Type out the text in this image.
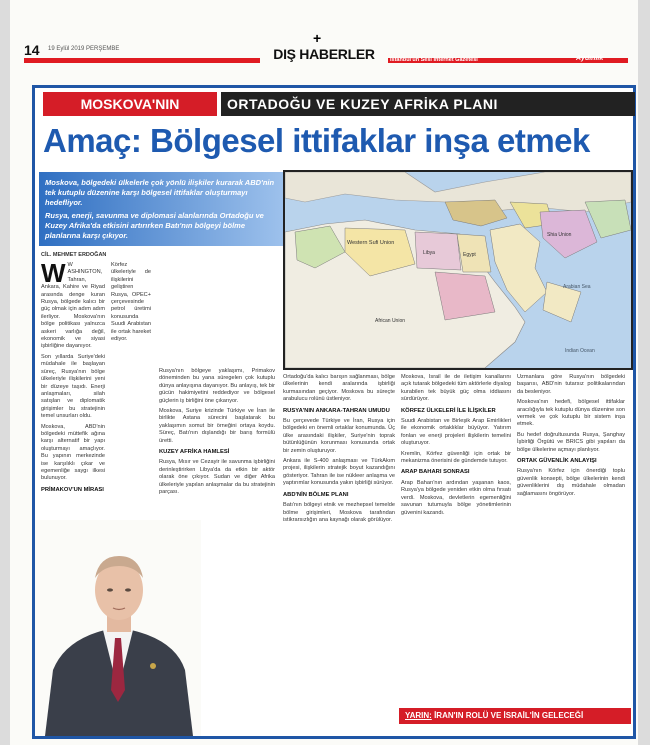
+
14 19 Eylül 2019 PERŞEMBE	DIŞ HABERLER	Istanbul'un Sesi İnternet Gazetesi	Aydınlık
MOSKOVA'NIN	ORTADOĞU VE KUZEY AFRİKA PLANI
Amaç: Bölgesel ittifaklar inşa etmek

Moskova, bölgedeki ülkelerle çok yönlü ilişkiler kurarak ABD'nin tek kutuplu düzenine karşı bölgesel ittifaklar oluşturmayı hedefliyor.

Rusya, enerji, savunma ve diplomasi alanlarında Ortadoğu ve Kuzey Afrika'da etkisini artırırken Batı'nın bölgeyi bölme planlarına karşı çıkıyor.

Western Sufi Union
Egypt
Libya
Shia Union
African Union
Arabian Sea
Indian Ocean
CİL. MEHMET ERDOĞAN

W W ASHINGTON, Tahran, Ankara, Kahire ve Riyad arasında denge kuran Rusya, bölgede kalıcı bir güç olmak için adım adım ilerliyor. Moskova'nın bölge politikası yalnızca askeri varlığa değil, ekonomik ve siyasi işbirliğine dayanıyor.

Son yıllarda Suriye'deki müdahale ile başlayan süreç, Rusya'nın bölge ülkeleriyle ilişkilerini yeni bir düzeye taşıdı. Enerji anlaşmaları, silah satışları ve diplomatik girişimler bu stratejinin temel unsurları oldu.

Moskova, ABD'nin bölgedeki müttefik ağına karşı alternatif bir yapı oluşturmayı amaçlıyor. Bu yapının merkezinde ise karşılıklı çıkar ve egemenliğe saygı ilkesi bulunuyor.

PRİMAKOV'UN MİRASI

Körfez ülkeleriyle de ilişkilerini geliştiren Rusya, OPEC+ çerçevesinde petrol üretimi konusunda Suudi Arabistan ile ortak hareket ediyor.

Rusya'nın bölgeye yaklaşımı, Primakov döneminden bu yana süregelen çok kutuplu dünya anlayışına dayanıyor. Bu anlayış, tek bir gücün hakimiyetini reddediyor ve bölgesel güçlerin iş birliğini öne çıkarıyor.

Moskova, Suriye krizinde Türkiye ve İran ile birlikte Astana sürecini başlatarak bu yaklaşımın somut bir örneğini ortaya koydu. Süreç, Batı'nın dışlandığı bir barış formülü üretti.

KUZEY AFRİKA HAMLESİ

Rusya, Mısır ve Cezayir ile savunma işbirliğini derinleştirirken Libya'da da etkin bir aktör olarak öne çıkıyor. Sudan ve diğer Afrika ülkeleriyle yapılan anlaşmalar da bu stratejinin parçası.

Ortadoğu'da kalıcı barışın sağlanması, bölge ülkelerinin kendi aralarında işbirliği kurmasından geçiyor. Moskova bu süreçte arabulucu rolünü üstleniyor.

RUSYA'NIN ANKARA-TAHRAN UMUDU

Bu çerçevede Türkiye ve İran, Rusya için bölgedeki en önemli ortaklar konumunda. Üç ülke arasındaki ilişkiler, Suriye'nin toprak bütünlüğünün korunması konusunda ortak bir zemin oluşturuyor.

Ankara ile S-400 anlaşması ve TürkAkım projesi, ilişkilerin stratejik boyut kazandığını gösteriyor. Tahran ile ise nükleer anlaşma ve yaptırımlar konusunda yakın işbirliği sürüyor.

ABD'NİN BÖLME PLANI

Batı'nın bölgeyi etnik ve mezhepsel temelde bölme girişimleri, Moskova tarafından istikrarsızlığın ana kaynağı olarak görülüyor.

Moskova, İsrail ile de iletişim kanallarını açık tutarak bölgedeki tüm aktörlerle diyalog kurabilen tek büyük güç olma iddiasını sürdürüyor.

KÖRFEZ ÜLKELERİ İLE İLİŞKİLER

Suudi Arabistan ve Birleşik Arap Emirlikleri ile ekonomik ortaklıklar büyüyor. Yatırım fonları ve enerji projeleri ilişkilerin temelini oluşturuyor.

Kremlin, Körfez güvenliği için ortak bir mekanizma önerisini de gündemde tutuyor.

ARAP BAHARI SONRASI

Arap Baharı'nın ardından yaşanan kaos, Rusya'ya bölgede yeniden etkin olma fırsatı verdi. Moskova, devletlerin egemenliğini savunan tutumuyla bölge yönetimlerinin güvenini kazandı.

Uzmanlara göre Rusya'nın bölgedeki başarısı, ABD'nin tutarsız politikalarından da besleniyor.

Moskova'nın hedefi, bölgesel ittifaklar aracılığıyla tek kutuplu dünya düzenine son vermek ve çok kutuplu bir sistem inşa etmek.

Bu hedef doğrultusunda Rusya, Şanghay İşbirliği Örgütü ve BRICS gibi yapıları da bölge ülkelerine açmayı planlıyor.

ORTAK GÜVENLİK ANLAYIŞI

Rusya'nın Körfez için önerdiği toplu güvenlik konsepti, bölge ülkelerinin kendi güvenliklerini dış müdahale olmadan sağlamasını öngörüyor.

YARIN: İRAN'IN ROLÜ VE İSRAİL'İN GELECEĞİ
